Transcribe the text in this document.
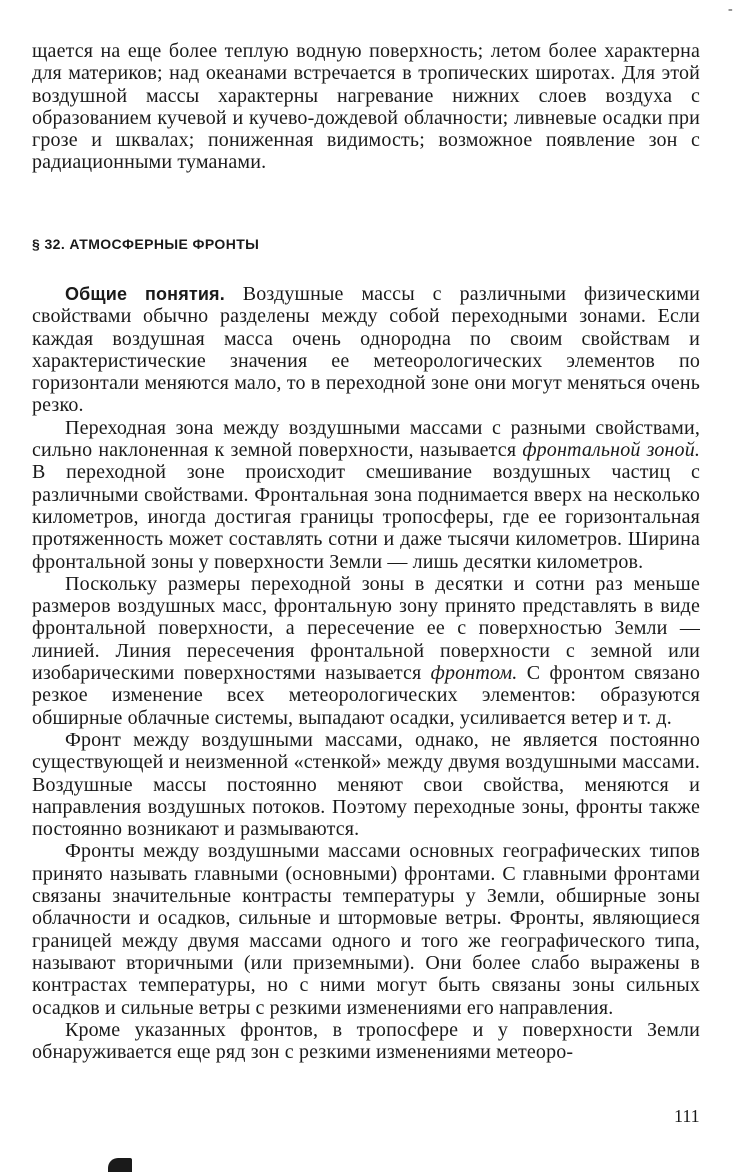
-

щается на еще более теплую водную поверхность; летом более характерна для материков; над океанами встречается в тропических широтах. Для этой воздушной массы характерны нагревание нижних слоев воздуха с образованием кучевой и кучево-дождевой облачности; ливневые осадки при грозе и шквалах; пониженная видимость; возможное появление зон с радиационными туманами.

§ 32. АТМОСФЕРНЫЕ ФРОНТЫ

Общие понятия. Воздушные массы с различными физическими свойствами обычно разделены между собой переходными зонами. Если каждая воздушная масса очень однородна по своим свойствам и характеристические значения ее метеорологических элементов по горизонтали меняются мало, то в переходной зоне они могут меняться очень резко.

Переходная зона между воздушными массами с разными свойствами, сильно наклоненная к земной поверхности, называется фронтальной зоной. В переходной зоне происходит смешивание воздушных частиц с различными свойствами. Фронтальная зона поднимается вверх на несколько километров, иногда достигая границы тропосферы, где ее горизонтальная протяженность может составлять сотни и даже тысячи километров. Ширина фронтальной зоны у поверхности Земли — лишь десятки километров.

Поскольку размеры переходной зоны в десятки и сотни раз меньше размеров воздушных масс, фронтальную зону принято представлять в виде фронтальной поверхности, а пересечение ее с поверхностью Земли — линией. Линия пересечения фронтальной поверхности с земной или изобарическими поверхностями называется фронтом. С фронтом связано резкое изменение всех метеорологических элементов: образуются обширные облачные системы, выпадают осадки, усиливается ветер и т. д.

Фронт между воздушными массами, однако, не является постоянно существующей и неизменной «стенкой» между двумя воздушными массами. Воздушные массы постоянно меняют свои свойства, меняются и направления воздушных потоков. Поэтому переходные зоны, фронты также постоянно возникают и размываются.

Фронты между воздушными массами основных географических типов принято называть главными (основными) фронтами. С главными фронтами связаны значительные контрасты температуры у Земли, обширные зоны облачности и осадков, сильные и штормовые ветры. Фронты, являющиеся границей между двумя массами одного и того же географического типа, называют вторичными (или приземными). Они более слабо выражены в контрастах температуры, но с ними могут быть связаны зоны сильных осадков и сильные ветры с резкими изменениями его направления.

Кроме указанных фронтов, в тропосфере и у поверхности Земли обнаруживается еще ряд зон с резкими изменениями метеоро-

111
